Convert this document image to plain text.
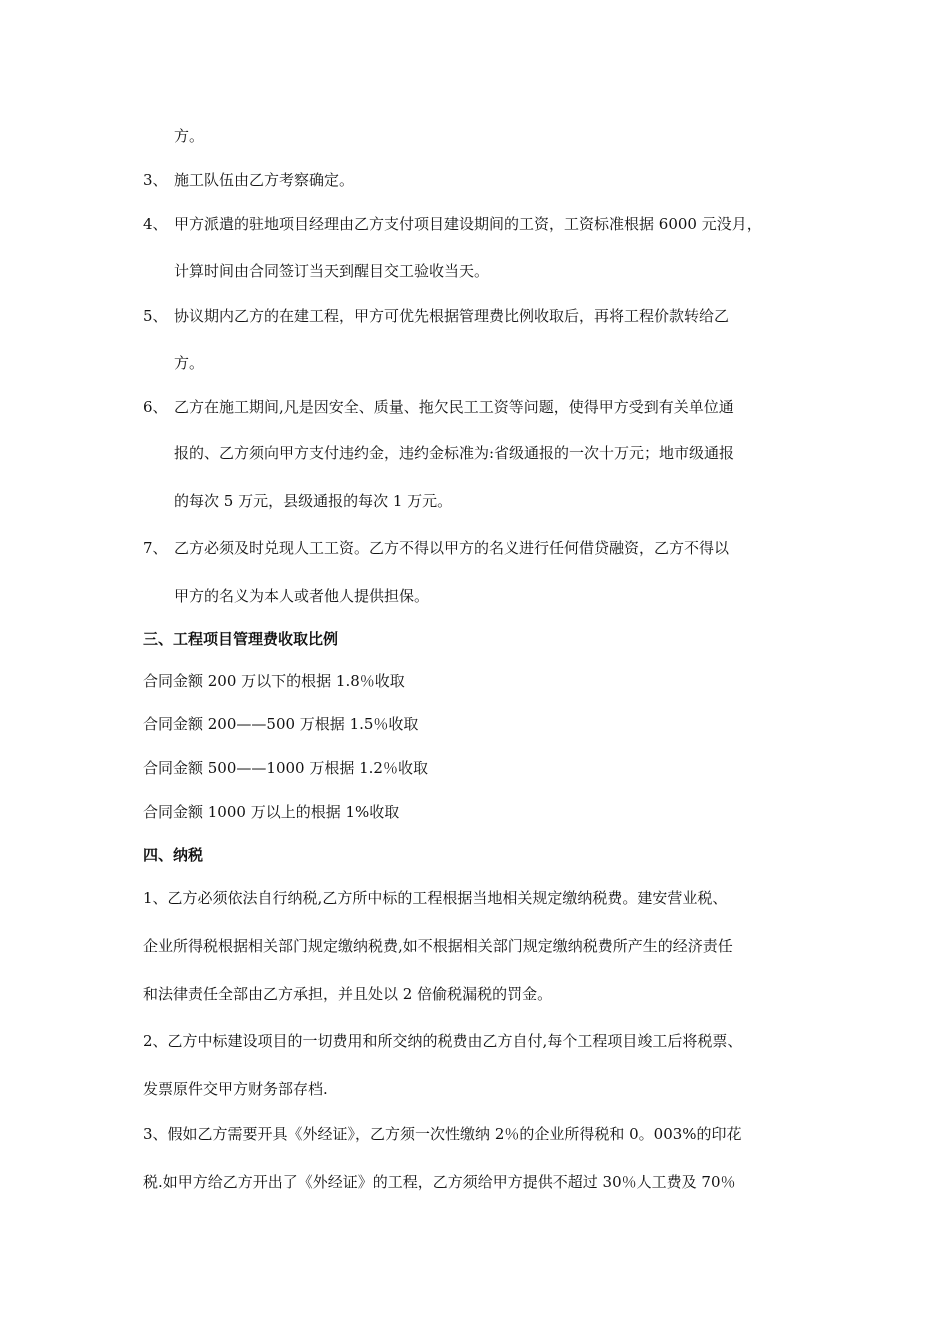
方。
3、 施工队伍由乙方考察确定。
4、 甲方派遣的驻地项目经理由乙方支付项目建设期间的工资，工资标准根据 6000 元没月，
计算时间由合同签订当天到醒目交工验收当天。
5、 协议期内乙方的在建工程，甲方可优先根据管理费比例收取后，再将工程价款转给乙
方。
6、 乙方在施工期间,凡是因安全、质量、拖欠民工工资等问题，使得甲方受到有关单位通
报的、乙方须向甲方支付违约金，违约金标准为:省级通报的一次十万元；地市级通报
的每次 5 万元，县级通报的每次 1 万元。
7、 乙方必须及时兑现人工工资。乙方不得以甲方的名义进行任何借贷融资，乙方不得以
甲方的名义为本人或者他人提供担保。
三、工程项目管理费收取比例
合同金额 200 万以下的根据 1.8％收取
合同金额 200——500 万根据 1.5％收取
合同金额 500——1000 万根据 1.2％收取
合同金额 1000 万以上的根据 1%收取
四、纳税
1、乙方必须依法自行纳税,乙方所中标的工程根据当地相关规定缴纳税费。建安营业税、
企业所得税根据相关部门规定缴纳税费,如不根据相关部门规定缴纳税费所产生的经济责任
和法律责任全部由乙方承担，并且处以 2 倍偷税漏税的罚金。
2、乙方中标建设项目的一切费用和所交纳的税费由乙方自付,每个工程项目竣工后将税票、
发票原件交甲方财务部存档.
3、假如乙方需要开具《外经证》，乙方须一次性缴纳 2％的企业所得税和 0。003%的印花
税.如甲方给乙方开出了《外经证》的工程，乙方须给甲方提供不超过 30％人工费及 70％
